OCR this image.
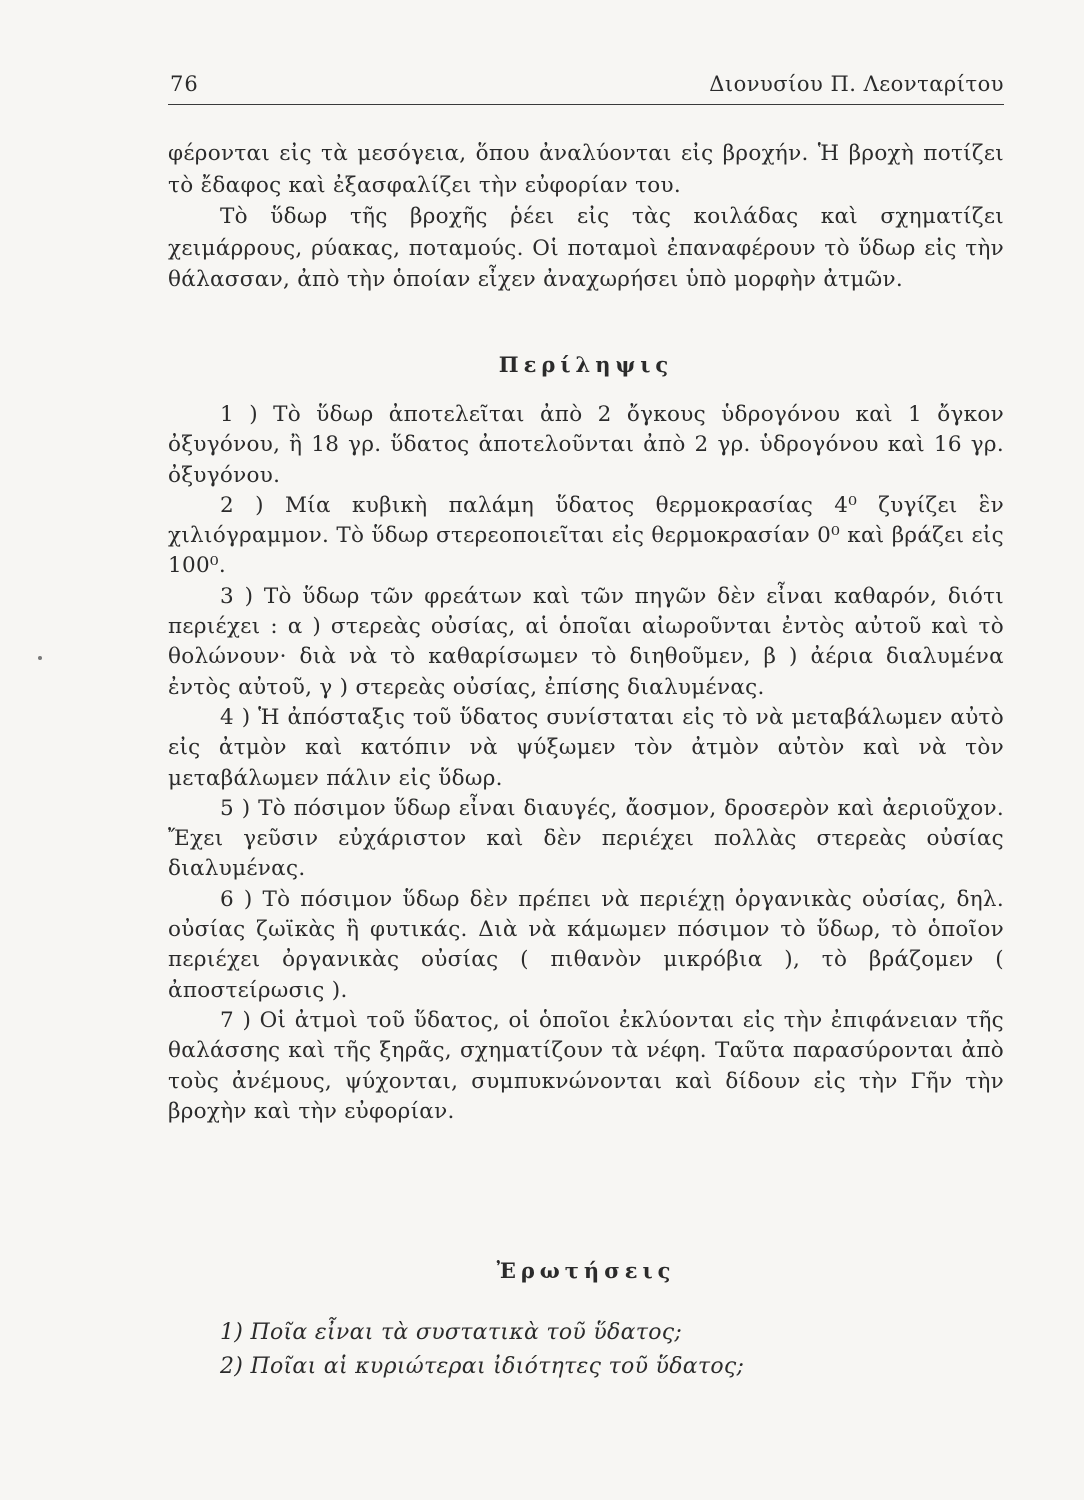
76	Διονυσίου Π. Λεονταρίτου

φέρονται εἰς τὰ μεσόγεια, ὅπου ἀναλύονται εἰς βροχήν. Ἡ βροχὴ ποτίζει τὸ ἔδαφος καὶ ἐξασφαλίζει τὴν εὐφορίαν του.

Τὸ ὕδωρ τῆς βροχῆς ῥέει εἰς τὰς κοιλάδας καὶ σχηματίζει χειμάρρους, ρύακας, ποταμούς. Οἱ ποταμοὶ ἐπαναφέρουν τὸ ὕδωρ εἰς τὴν θάλασσαν, ἀπὸ τὴν ὁποίαν εἶχεν ἀναχωρήσει ὑπὸ μορφὴν ἀτμῶν.

Περίληψις

1 ) Τὸ ὕδωρ ἀποτελεῖται ἀπὸ 2 ὄγκους ὑδρογόνου καὶ 1 ὄγκον ὀξυγόνου, ἢ 18 γρ. ὕδατος ἀποτελοῦνται ἀπὸ 2 γρ. ὑδρογόνου καὶ 16 γρ. ὀξυγόνου.

2 ) Μία κυβικὴ παλάμη ὕδατος θερμοκρασίας 4⁰ ζυγίζει ἓν χιλιόγραμμον. Τὸ ὕδωρ στερεοποιεῖται εἰς θερμοκρασίαν 0⁰ καὶ βράζει εἰς 100⁰.

3 ) Τὸ ὕδωρ τῶν φρεάτων καὶ τῶν πηγῶν δὲν εἶναι καθαρόν, διότι περιέχει : α ) στερεὰς οὐσίας, αἱ ὁποῖαι αἰωροῦνται ἐντὸς αὐτοῦ καὶ τὸ θολώνουν· διὰ νὰ τὸ καθαρίσωμεν τὸ διηθοῦμεν, β ) ἀέρια διαλυμένα ἐντὸς αὐτοῦ, γ ) στερεὰς οὐσίας, ἐπίσης διαλυμένας.

4 ) Ἡ ἀπόσταξις τοῦ ὕδατος συνίσταται εἰς τὸ νὰ μεταβάλωμεν αὐτὸ εἰς ἀτμὸν καὶ κατόπιν νὰ ψύξωμεν τὸν ἀτμὸν αὐτὸν καὶ νὰ τὸν μεταβάλωμεν πάλιν εἰς ὕδωρ.

5 ) Τὸ πόσιμον ὕδωρ εἶναι διαυγές, ἄοσμον, δροσερὸν καὶ ἀεριοῦχον. Ἔχει γεῦσιν εὐχάριστον καὶ δὲν περιέχει πολλὰς στερεὰς οὐσίας διαλυμένας.

6 ) Τὸ πόσιμον ὕδωρ δὲν πρέπει νὰ περιέχῃ ὀργανικὰς οὐσίας, δηλ. οὐσίας ζωϊκὰς ἢ φυτικάς. Διὰ νὰ κάμωμεν πόσιμον τὸ ὕδωρ, τὸ ὁποῖον περιέχει ὀργανικὰς οὐσίας ( πιθανὸν μικρόβια ), τὸ βράζομεν ( ἀποστείρωσις ).

7 ) Οἱ ἀτμοὶ τοῦ ὕδατος, οἱ ὁποῖοι ἐκλύονται εἰς τὴν ἐπιφάνειαν τῆς θαλάσσης καὶ τῆς ξηρᾶς, σχηματίζουν τὰ νέφη. Ταῦτα παρασύρονται ἀπὸ τοὺς ἀνέμους, ψύχονται, συμπυκνώνονται καὶ δίδουν εἰς τὴν Γῆν τὴν βροχὴν καὶ τὴν εὐφορίαν.

Ἐρωτήσεις

1) Ποῖα εἶναι τὰ συστατικὰ τοῦ ὕδατος;

2) Ποῖαι αἱ κυριώτεραι ἰδιότητες τοῦ ὕδατος;
